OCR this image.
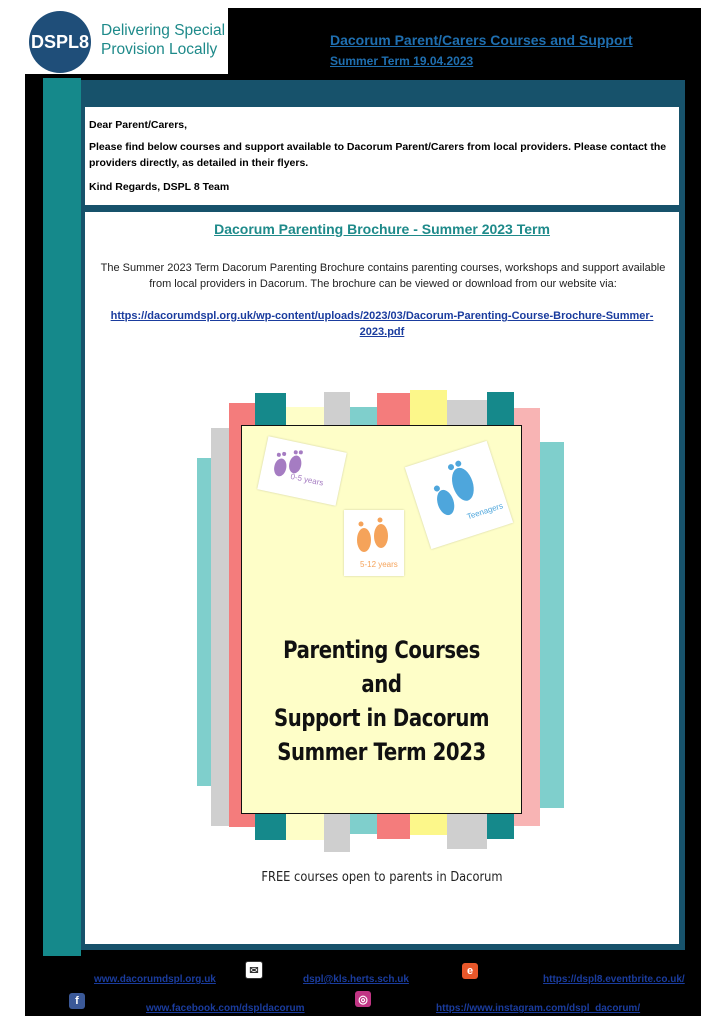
DSPL8
Delivering Special
Provision Locally
Dacorum Parent/Carers Courses and Support
Summer Term 19.04.2023

Dear Parent/Carers,

Please find below courses and support available to Dacorum Parent/Carers from local providers. Please contact the providers directly, as detailed in their flyers.

Kind Regards, DSPL 8 Team

Dacorum Parenting Brochure - Summer 2023 Term
The Summer 2023 Term Dacorum Parenting Brochure contains parenting courses, workshops and support available from local providers in Dacorum. The brochure can be viewed or download from our website via:
https://dacorumdspl.org.uk/wp-content/uploads/2023/03/Dacorum-Parenting-Course-Brochure-Summer-2023.pdf
0-5 years
Teenagers
5-12 years
Parenting Courses and
Support in Dacorum
Summer Term 2023
FREE courses open to parents in Dacorum
www.dacorumdspl.org.uk
✉
dspl@kls.herts.sch.uk
e
https://dspl8.eventbrite.co.uk/
f
www.facebook.com/dspldacorum
◎
https://www.instagram.com/dspl_dacorum/
